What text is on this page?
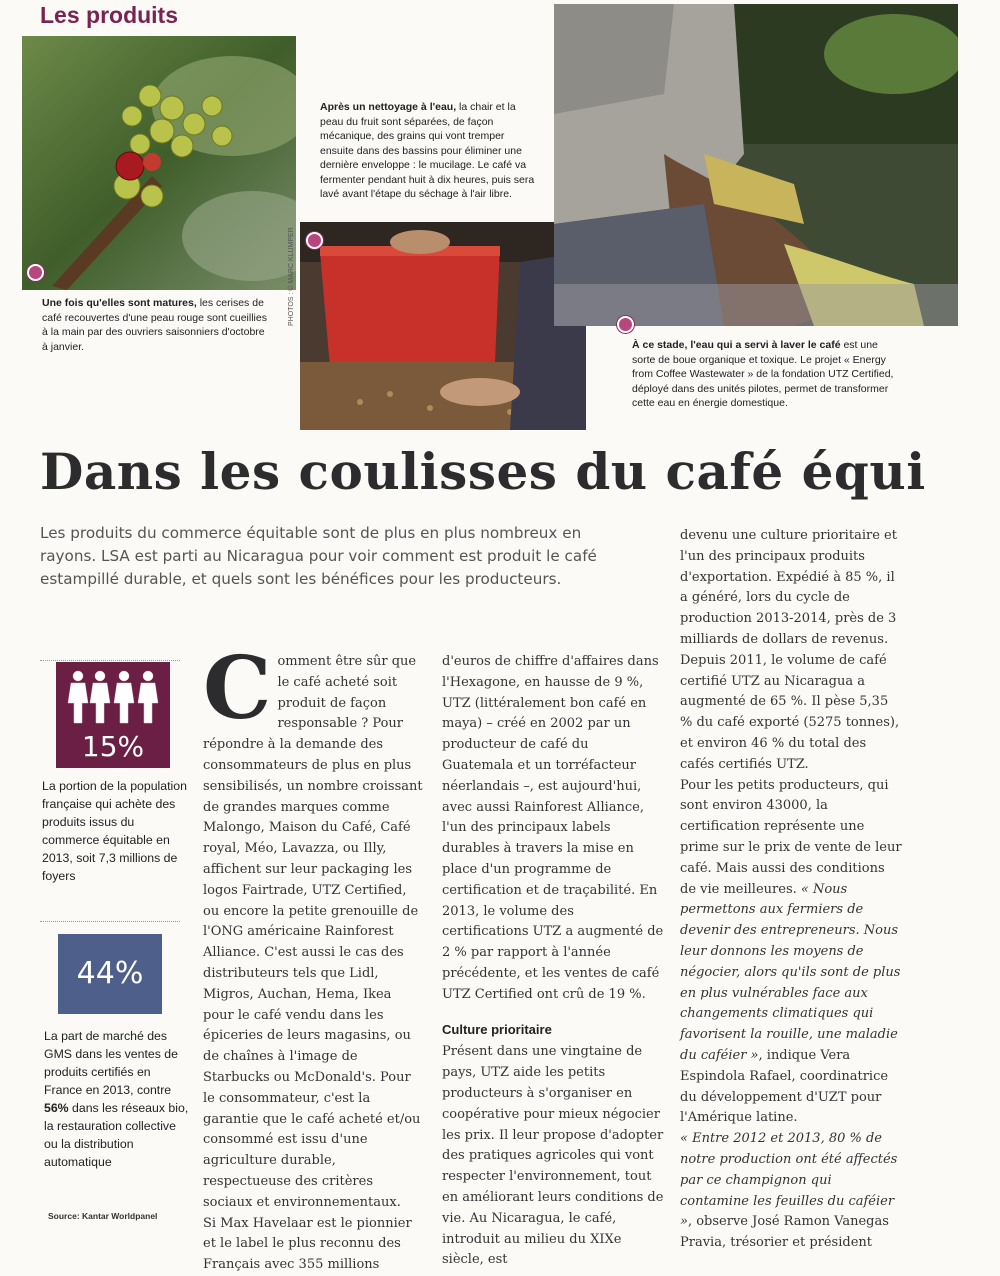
Les produits
Une fois qu'elles sont matures, les cerises de café recouvertes d'une peau rouge sont cueillies à la main par des ouvriers saisonniers d'octobre à janvier.
Après un nettoyage à l'eau, la chair et la peau du fruit sont séparées, de façon mécanique, des grains qui vont tremper ensuite dans des bassins pour éliminer une dernière enveloppe : le mucilage. Le café va fermenter pendant huit à dix heures, puis sera lavé avant l'étape du séchage à l'air libre.
PHOTOS : © MARC KLUMPER
À ce stade, l'eau qui a servi à laver le café est une sorte de boue organique et toxique. Le projet « Energy from Coffee Wastewater » de la fondation UTZ Certified, déployé dans des unités pilotes, permet de transformer cette eau en énergie domestique.
Dans les coulisses du café équi
Les produits du commerce équitable sont de plus en plus nombreux en rayons. LSA est parti au Nicaragua pour voir comment est produit le café estampillé durable, et quels sont les bénéfices pour les producteurs.
15%
La portion de la population française qui achète des produits issus du commerce équitable en 2013, soit 7,3 millions de foyers
44%
La part de marché des GMS dans les ventes de produits certifiés en France en 2013, contre 56% dans les réseaux bio, la restauration collective ou la distribution automatique
Source: Kantar Worldpanel
C omment être sûr que le café acheté soit produit de façon responsable ? Pour répondre à la demande des consommateurs de plus en plus sensibilisés, un nombre croissant de grandes marques comme Malongo, Maison du Café, Café royal, Méo, Lavazza, ou Illy, affichent sur leur packaging les logos Fairtrade, UTZ Certified, ou encore la petite grenouille de l'ONG américaine Rainforest Alliance. C'est aussi le cas des distributeurs tels que Lidl, Migros, Auchan, Hema, Ikea pour le café vendu dans les épiceries de leurs magasins, ou de chaînes à l'image de Starbucks ou McDonald's. Pour le consommateur, c'est la garantie que le café acheté et/ou consommé est issu d'une agriculture durable, respectueuse des critères sociaux et environnementaux.

Si Max Havelaar est le pionnier et le label le plus reconnu des Français avec 355 millions

d'euros de chiffre d'affaires dans l'Hexagone, en hausse de 9 %, UTZ (littéralement bon café en maya) – créé en 2002 par un producteur de café du Guatemala et un torréfacteur néerlandais –, est aujourd'hui, avec aussi Rainforest Alliance, l'un des principaux labels durables à travers la mise en place d'un programme de certification et de traçabilité. En 2013, le volume des certifications UTZ a augmenté de 2 % par rapport à l'année précédente, et les ventes de café UTZ Certified ont crû de 19 %.

Culture prioritaire

Présent dans une vingtaine de pays, UTZ aide les petits producteurs à s'organiser en coopérative pour mieux négocier les prix. Il leur propose d'adopter des pratiques agricoles qui vont respecter l'environnement, tout en améliorant leurs conditions de vie. Au Nicaragua, le café, introduit au milieu du XIXe siècle, est

devenu une culture prioritaire et l'un des principaux produits d'exportation. Expédié à 85 %, il a généré, lors du cycle de production 2013-2014, près de 3 milliards de dollars de revenus. Depuis 2011, le volume de café certifié UTZ au Nicaragua a augmenté de 65 %. Il pèse 5,35 % du café exporté (5275 tonnes), et environ 46 % du total des cafés certifiés UTZ.

Pour les petits producteurs, qui sont environ 43000, la certification représente une prime sur le prix de vente de leur café. Mais aussi des conditions de vie meilleures. « Nous permettons aux fermiers de devenir des entrepreneurs. Nous leur donnons les moyens de négocier, alors qu'ils sont de plus en plus vulnérables face aux changements climatiques qui favorisent la rouille, une maladie du caféier », indique Vera Espindola Rafael, coordinatrice du développement d'UZT pour l'Amérique latine.

« Entre 2012 et 2013, 80 % de notre production ont été affectés par ce champignon qui contamine les feuilles du caféier », observe José Ramon Vanegas Pravia, trésorier et président
